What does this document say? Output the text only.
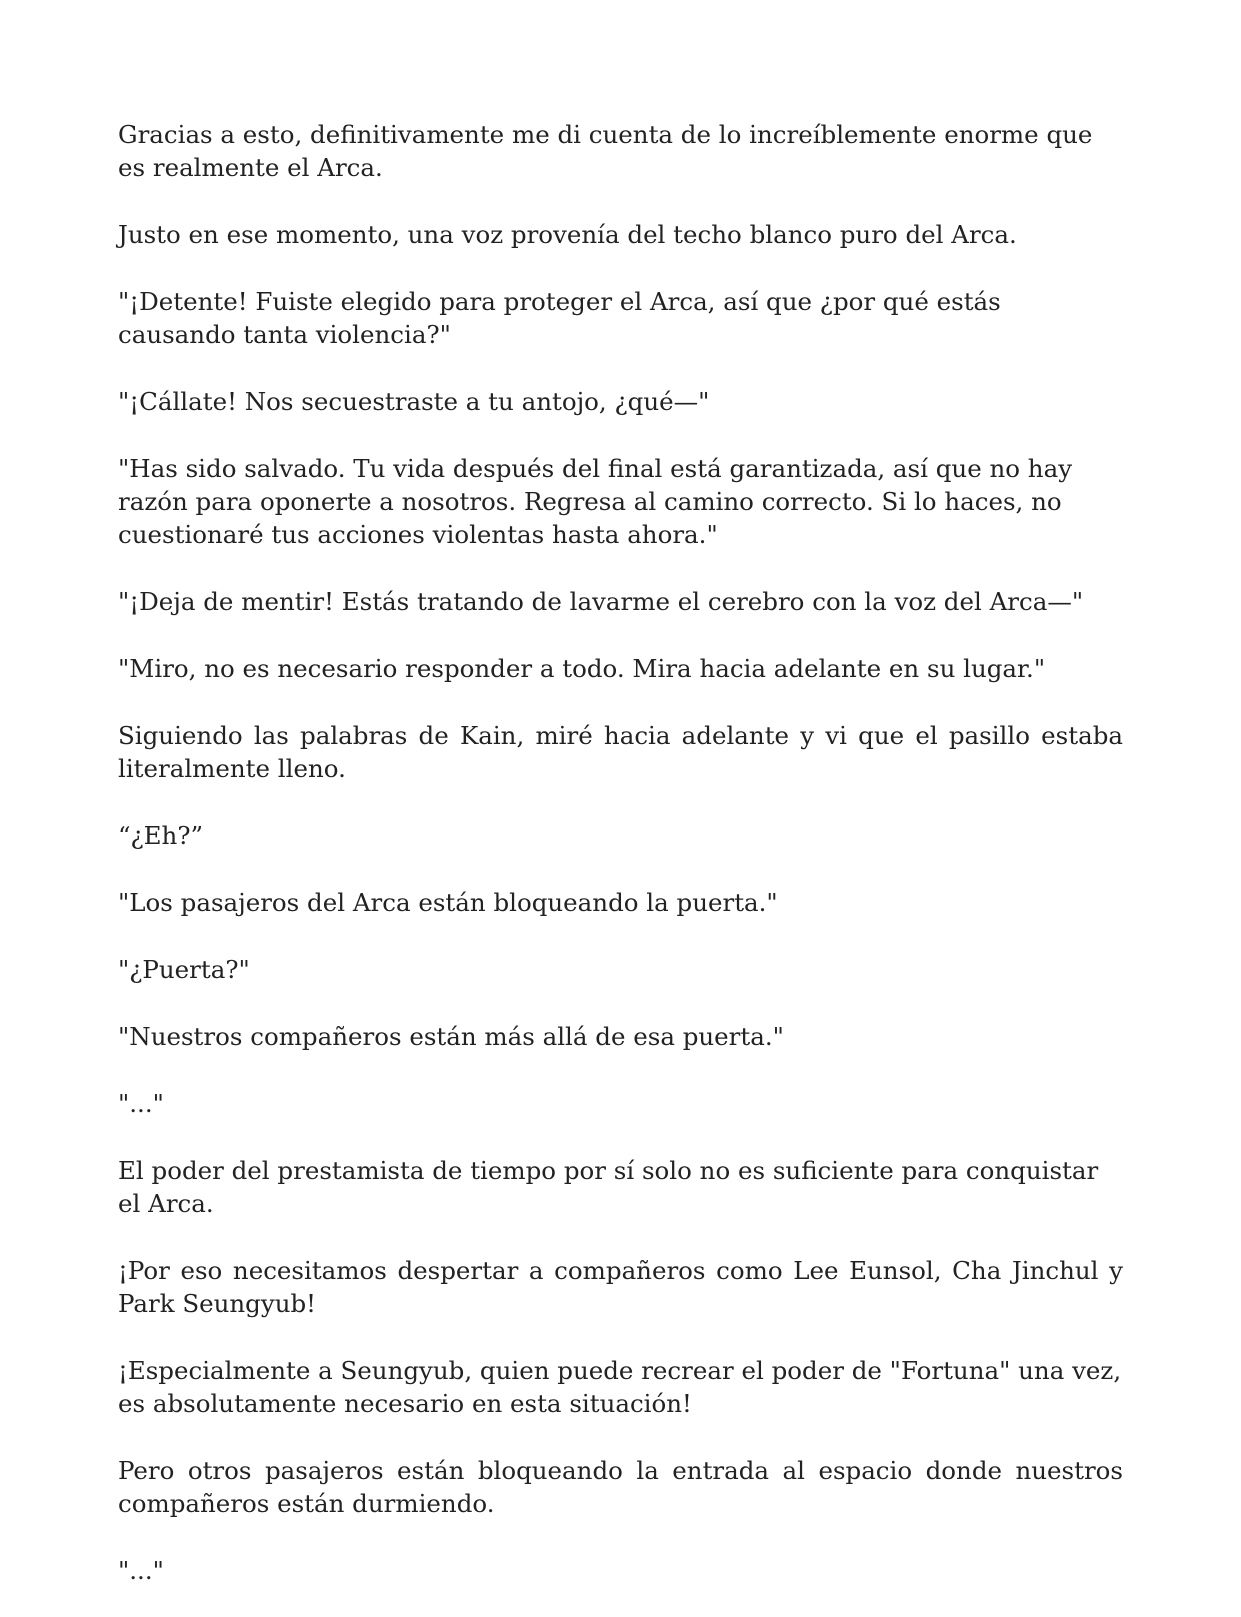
Gracias a esto, definitivamente me di cuenta de lo increíblemente enorme que es realmente el Arca.

Justo en ese momento, una voz provenía del techo blanco puro del Arca.

"¡Detente! Fuiste elegido para proteger el Arca, así que ¿por qué estás causando tanta violencia?"

"¡Cállate! Nos secuestraste a tu antojo, ¿qué—"

"Has sido salvado. Tu vida después del final está garantizada, así que no hay razón para oponerte a nosotros. Regresa al camino correcto. Si lo haces, no cuestionaré tus acciones violentas hasta ahora."

"¡Deja de mentir! Estás tratando de lavarme el cerebro con la voz del Arca—"

"Miro, no es necesario responder a todo. Mira hacia adelante en su lugar."

Siguiendo las palabras de Kain, miré hacia adelante y vi que el pasillo estaba literalmente lleno.

“¿Eh?”

"Los pasajeros del Arca están bloqueando la puerta."

"¿Puerta?"

"Nuestros compañeros están más allá de esa puerta."

"..."

El poder del prestamista de tiempo por sí solo no es suficiente para conquistar el Arca.

¡Por eso necesitamos despertar a compañeros como Lee Eunsol, Cha Jinchul y Park Seungyub!

¡Especialmente a Seungyub, quien puede recrear el poder de "Fortuna" una vez, es absolutamente necesario en esta situación!

Pero otros pasajeros están bloqueando la entrada al espacio donde nuestros compañeros están durmiendo.

"..."
